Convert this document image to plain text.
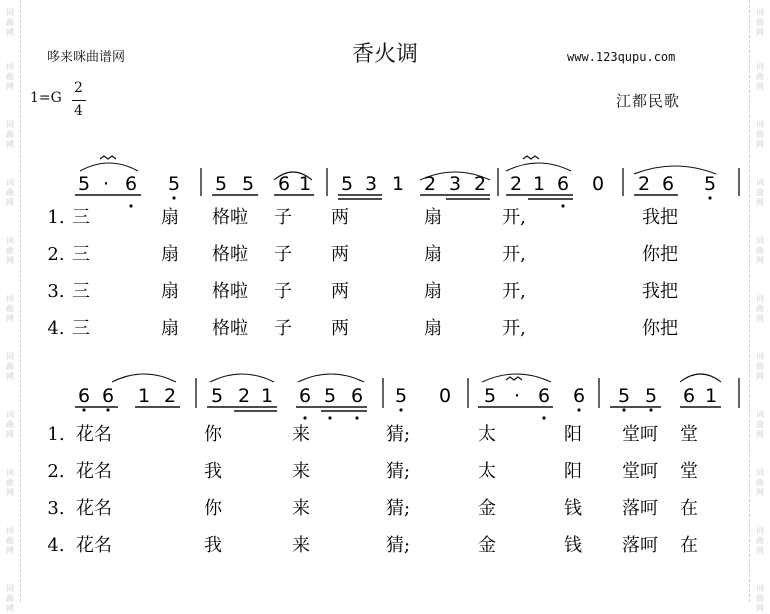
词
曲
网
词
曲
网
词
曲
网
词
曲
网
词
曲
网
词
曲
网
词
曲
网
词
曲
网
词
曲
网
词
曲
网
词
曲
网
词
曲
网
词
曲
网
词
曲
网
词
曲
网
词
曲
网
词
曲
网
词
曲
网
词
曲
网
词
曲
网
词
曲
网
词
曲
网
哆来咪曲谱网	香火调	www.123qupu.com
1=G
2
4
江都民歌
5 · 6 5 5 5 6 1 5 3 1 2 3 2 2 1 6 0 2 6 5
1. 三	扇 格啦 子 两	扇	开,	我把
2. 三	扇 格啦 子 两	扇	开,	你把
3. 三	扇 格啦 子 两	扇	开,	我把
4. 三	扇 格啦 子 两	扇	开,	你把
6 6 1 2 5 2 1 6 5 6 5 0 5 · 6 6 5 5 6 1
1. 花名	你	来	猜;	太	阳 堂呵 堂
2. 花名	我	来	猜;	太	阳 堂呵 堂
3. 花名	你	来	猜;	金	钱 落呵 在
4. 花名	我	来	猜;	金	钱 落呵 在
